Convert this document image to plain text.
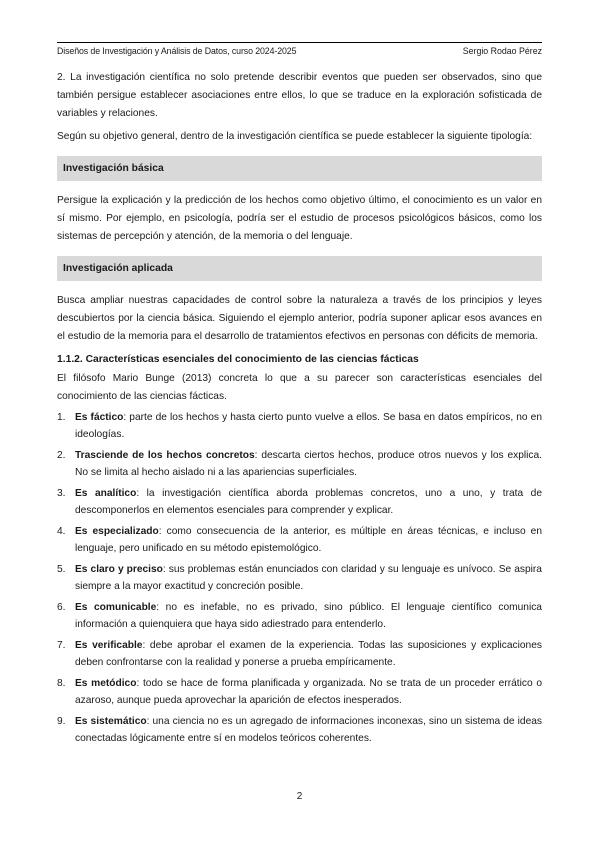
Diseños de Investigación y Análisis de Datos, curso 2024-2025	Sergio Rodao Pérez

2. La investigación científica no solo pretende describir eventos que pueden ser observados, sino que también persigue establecer asociaciones entre ellos, lo que se traduce en la exploración sofisticada de variables y relaciones.

Según su objetivo general, dentro de la investigación científica se puede establecer la siguiente tipología:

Investigación básica

Persigue la explicación y la predicción de los hechos como objetivo último, el conocimiento es un valor en sí mismo. Por ejemplo, en psicología, podría ser el estudio de procesos psicológicos básicos, como los sistemas de percepción y atención, de la memoria o del lenguaje.

Investigación aplicada

Busca ampliar nuestras capacidades de control sobre la naturaleza a través de los principios y leyes descubiertos por la ciencia básica. Siguiendo el ejemplo anterior, podría suponer aplicar esos avances en el estudio de la memoria para el desarrollo de tratamientos efectivos en personas con déficits de memoria.

1.1.2. Características esenciales del conocimiento de las ciencias fácticas

El filósofo Mario Bunge (2013) concreta lo que a su parecer son características esenciales del conocimiento de las ciencias fácticas.

1. Es fáctico: parte de los hechos y hasta cierto punto vuelve a ellos. Se basa en datos empíricos, no en ideologías.
2. Trasciende de los hechos concretos: descarta ciertos hechos, produce otros nuevos y los explica. No se limita al hecho aislado ni a las apariencias superficiales.
3. Es analítico: la investigación científica aborda problemas concretos, uno a uno, y trata de descomponerlos en elementos esenciales para comprender y explicar.
4. Es especializado: como consecuencia de la anterior, es múltiple en áreas técnicas, e incluso en lenguaje, pero unificado en su método epistemológico.
5. Es claro y preciso: sus problemas están enunciados con claridad y su lenguaje es unívoco. Se aspira siempre a la mayor exactitud y concreción posible.
6. Es comunicable: no es inefable, no es privado, sino público. El lenguaje científico comunica información a quienquiera que haya sido adiestrado para entenderlo.
7. Es verificable: debe aprobar el examen de la experiencia. Todas las suposiciones y explicaciones deben confrontarse con la realidad y ponerse a prueba empíricamente.
8. Es metódico: todo se hace de forma planificada y organizada. No se trata de un proceder errático o azaroso, aunque pueda aprovechar la aparición de efectos inesperados.
9. Es sistemático: una ciencia no es un agregado de informaciones inconexas, sino un sistema de ideas conectadas lógicamente entre sí en modelos teóricos coherentes.
2
